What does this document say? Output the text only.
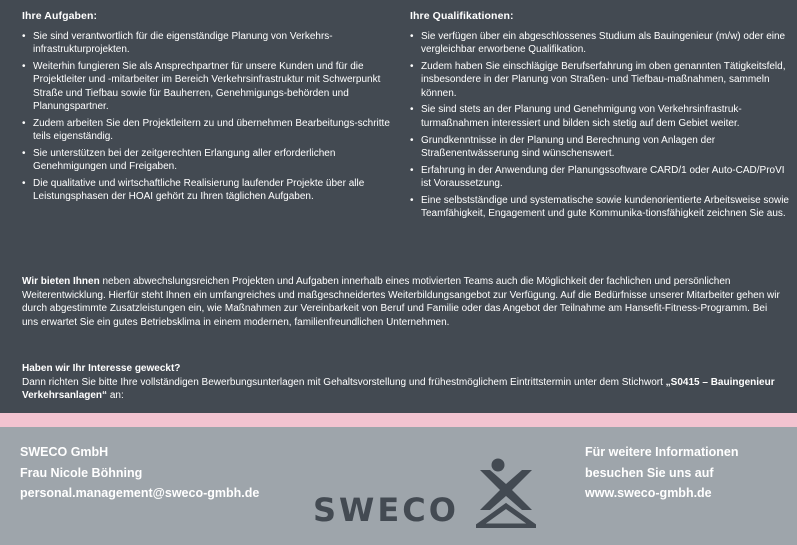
Ihre Aufgaben:
• Sie sind verantwortlich für die eigenständige Planung von Verkehrs-infrastrukturprojekten.
• Weiterhin fungieren Sie als Ansprechpartner für unsere Kunden und für die Projektleiter und -mitarbeiter im Bereich Verkehrsinfrastruktur mit Schwerpunkt Straße und Tiefbau sowie für Bauherren, Genehmigungs-behörden und Planungspartner.
• Zudem arbeiten Sie den Projektleitern zu und übernehmen Bearbeitungs-schritte teils eigenständig.
• Sie unterstützen bei der zeitgerechten Erlangung aller erforderlichen Genehmigungen und Freigaben.
• Die qualitative und wirtschaftliche Realisierung laufender Projekte über alle Leistungsphasen der HOAI gehört zu Ihren täglichen Aufgaben.
Ihre Qualifikationen:
• Sie verfügen über ein abgeschlossenes Studium als Bauingenieur (m/w) oder eine vergleichbar erworbene Qualifikation.
• Zudem haben Sie einschlägige Berufserfahrung im oben genannten Tätigkeitsfeld, insbesondere in der Planung von Straßen- und Tiefbau-maßnahmen, sammeln können.
• Sie sind stets an der Planung und Genehmigung von Verkehrsinfrastruk-turmaßnahmen interessiert und bilden sich stetig auf dem Gebiet weiter.
• Grundkenntnisse in der Planung und Berechnung von Anlagen der Straßenentwässerung sind wünschenswert.
• Erfahrung in der Anwendung der Planungssoftware CARD/1 oder Auto-CAD/ProVI ist Voraussetzung.
• Eine selbstständige und systematische sowie kundenorientierte Arbeitsweise sowie Teamfähigkeit, Engagement und gute Kommunika-tionsfähigkeit zeichnen Sie aus.

Wir bieten Ihnen neben abwechslungsreichen Projekten und Aufgaben innerhalb eines motivierten Teams auch die Möglichkeit der fachlichen und persönlichen Weiterentwicklung. Hierfür steht Ihnen ein umfangreiches und maßgeschneidertes Weiterbildungsangebot zur Verfügung. Auf die Bedürfnisse unserer Mitarbeiter gehen wir durch abgestimmte Zusatzleistungen ein, wie Maßnahmen zur Vereinbarkeit von Beruf und Familie oder das Angebot der Teilnahme am Hansefit-Fitness-Programm. Bei uns erwartet Sie ein gutes Betriebsklima in einem modernen, familienfreundlichen Unternehmen.

Haben wir Ihr Interesse geweckt?
Dann richten Sie bitte Ihre vollständigen Bewerbungsunterlagen mit Gehaltsvorstellung und frühestmöglichem Eintrittstermin unter dem Stichwort „S0415 – Bauingenieur Verkehrsanlagen“ an:

SWECO GmbH
Frau Nicole Böhning
personal.management@sweco-gmbh.de SWECO
Für weitere Informationen
besuchen Sie uns auf
www.sweco-gmbh.de
